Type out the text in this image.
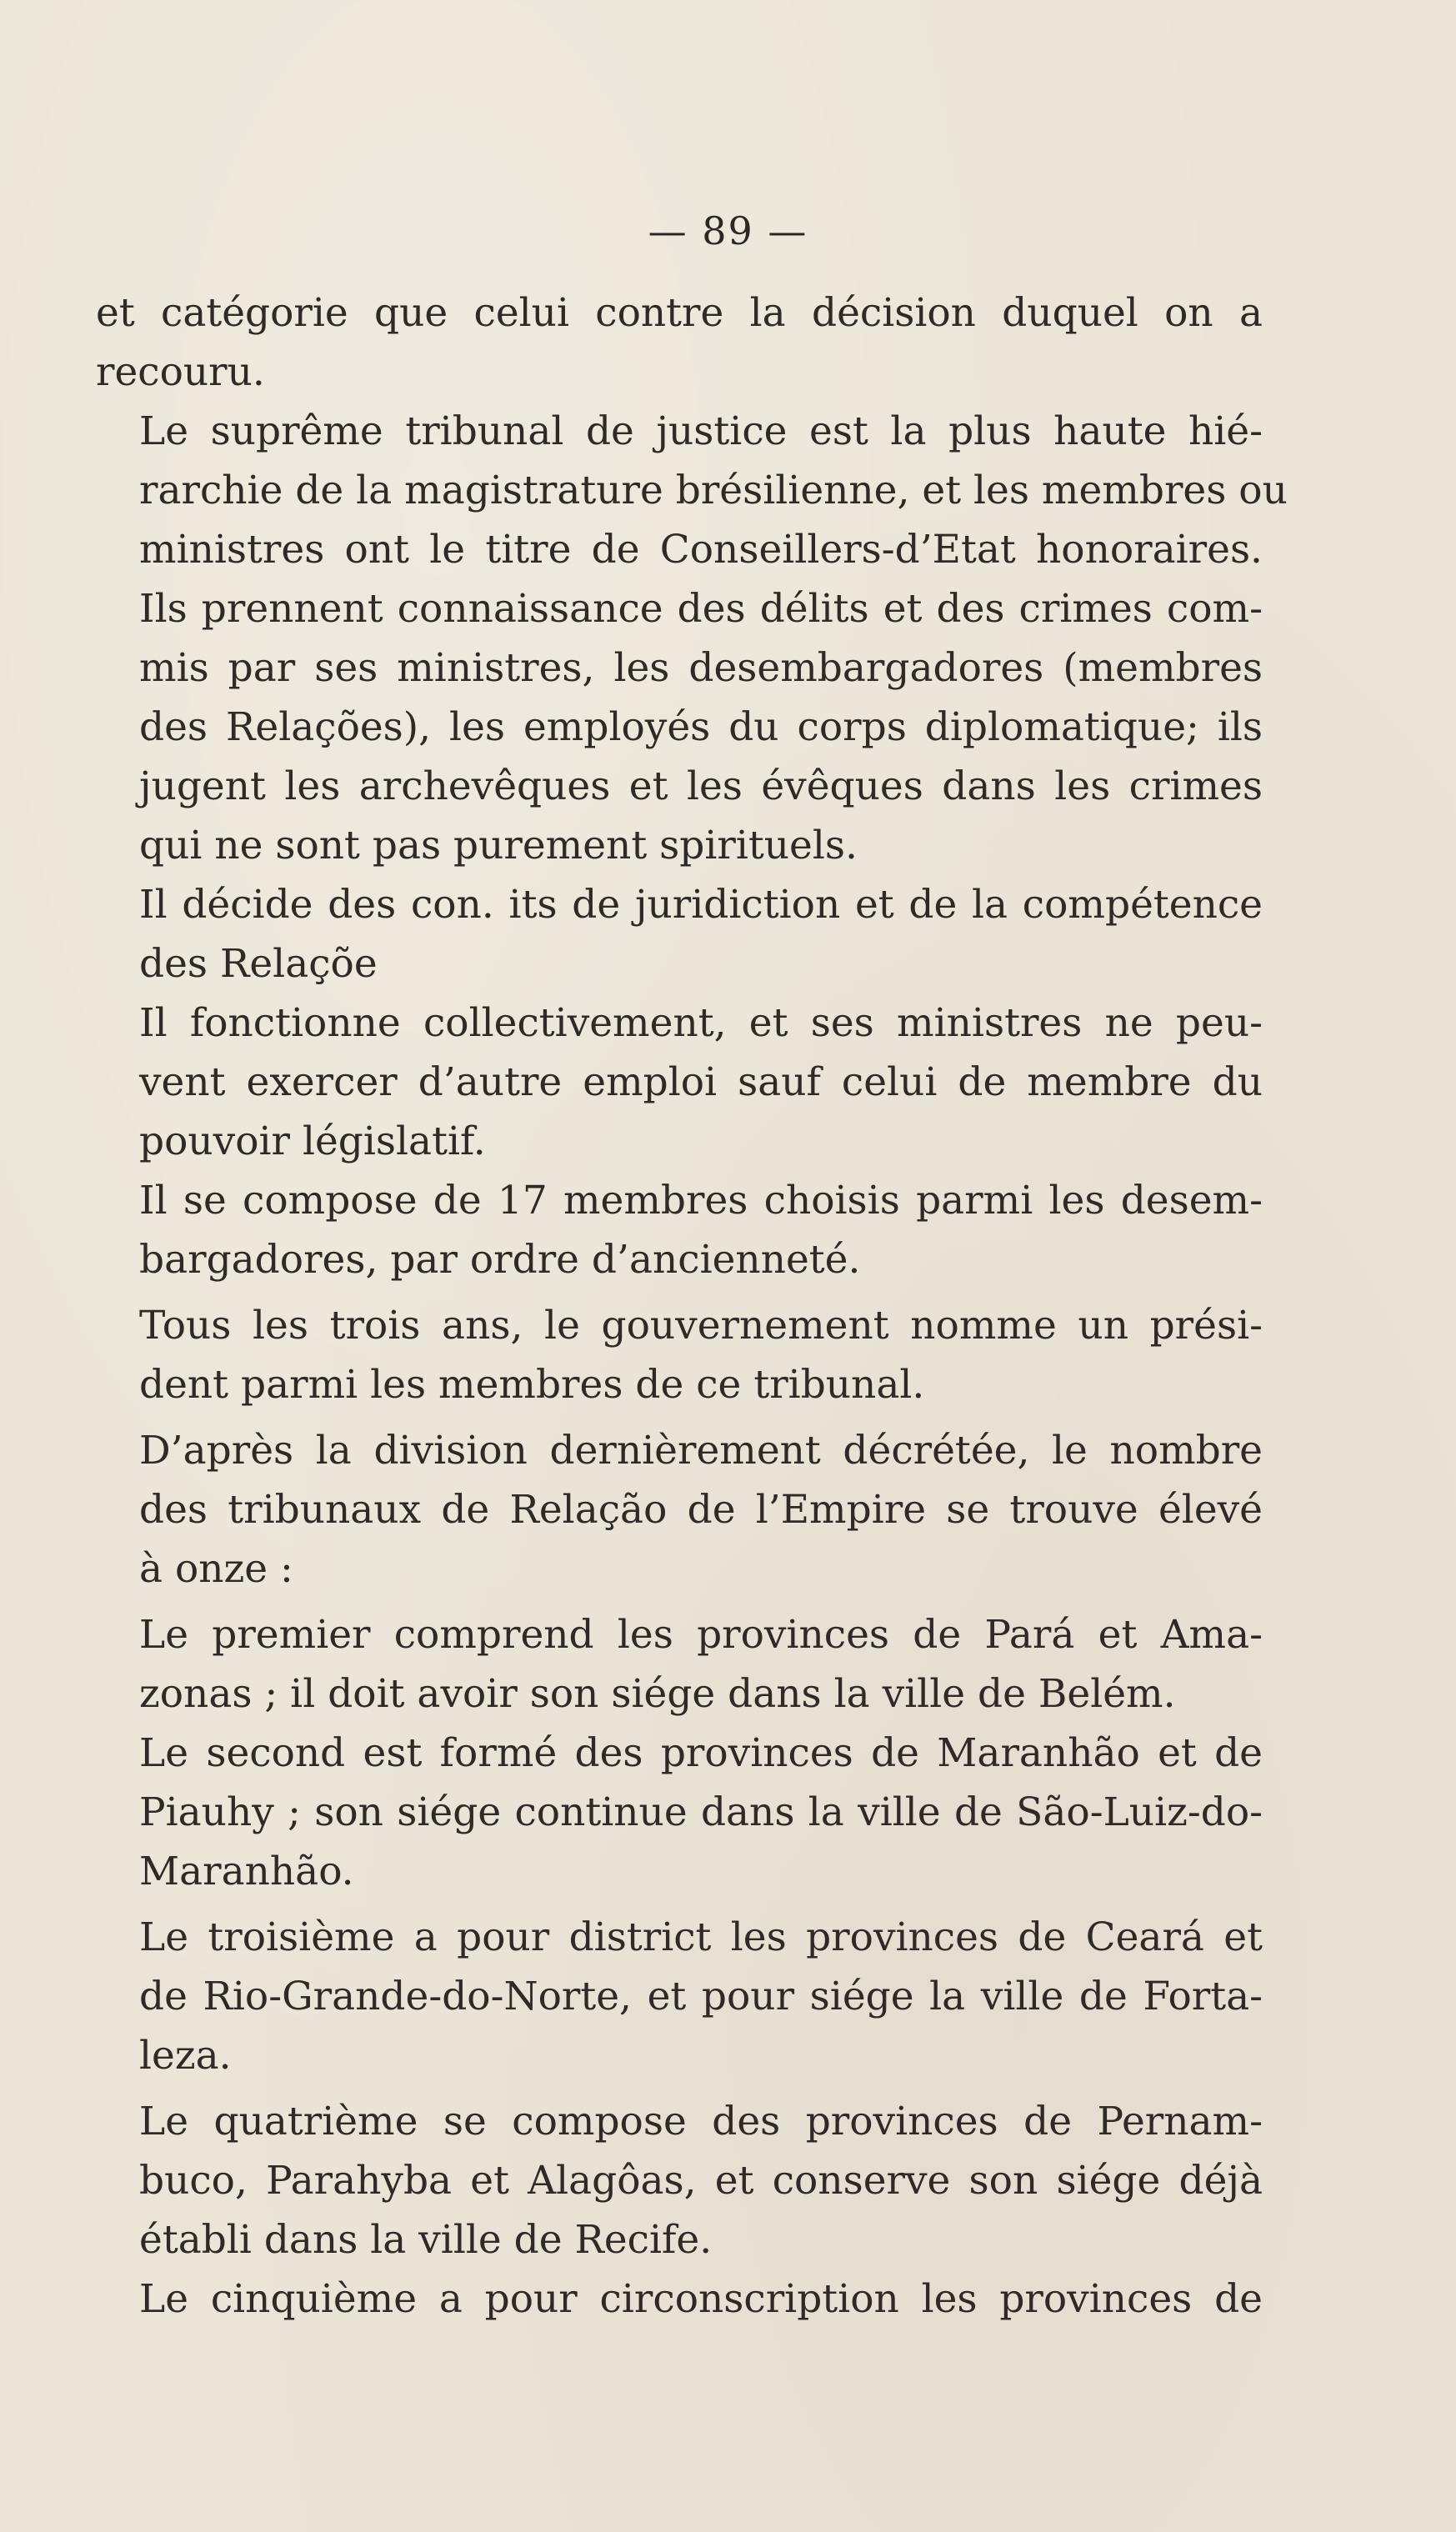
— 89 —

et catégorie que celui contre la décision duquel on a
recouru.

Le suprême tribunal de justice est la plus haute hié-
rarchie de la magistrature brésilienne, et les membres ou
ministres ont le titre de Conseillers-d’Etat honoraires.
Ils prennent connaissance des délits et des crimes com-
mis par ses ministres, les desembargadores (membres
des Relações), les employés du corps diplomatique; ils
jugent les archevêques et les évêques dans les crimes
qui ne sont pas purement spirituels.

Il décide des con. its de juridiction et de la compétence
des Relaçõe

Il fonctionne collectivement, et ses ministres ne peu-
vent exercer d’autre emploi sauf celui de membre du
pouvoir législatif.

Il se compose de 17 membres choisis parmi les desem-
bargadores, par ordre d’ancienneté.

Tous les trois ans, le gouvernement nomme un prési-
dent parmi les membres de ce tribunal.

D’après la division dernièrement décrétée, le nombre
des tribunaux de Relação de l’Empire se trouve élevé
à onze :

Le premier comprend les provinces de Pará et Ama-
zonas ; il doit avoir son siége dans la ville de Belém.

Le second est formé des provinces de Maranhão et de
Piauhy ; son siége continue dans la ville de São-Luiz-do-
Maranhão.

Le troisième a pour district les provinces de Ceará et
de Rio-Grande-do-Norte, et pour siége la ville de Forta-
leza.

Le quatrième se compose des provinces de Pernam-
buco, Parahyba et Alagôas, et conserve son siége déjà
établi dans la ville de Recife.

Le cinquième a pour circonscription les provinces de
